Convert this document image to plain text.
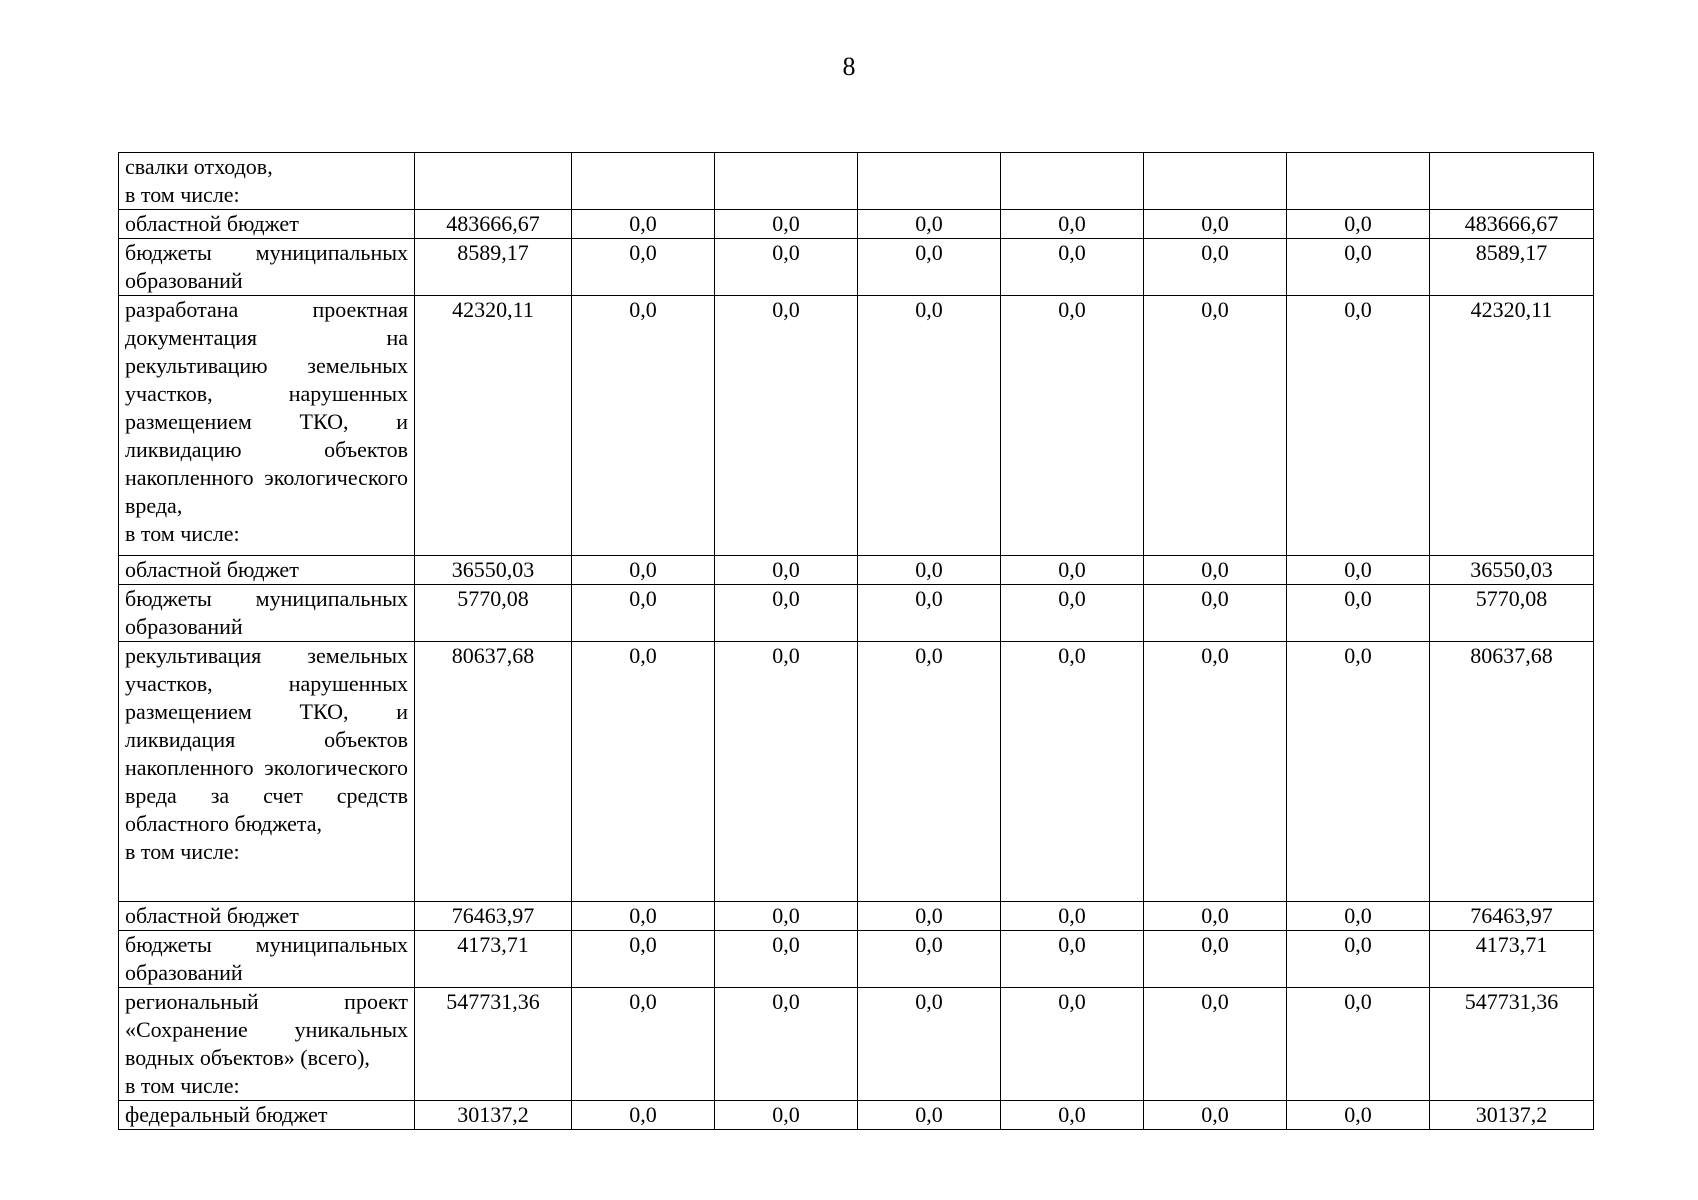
8
свалки отходов,
в том числе:								
областной бюджет	483666,67	0,0	0,0	0,0	0,0	0,0	0,0	483666,67
бюджеты муниципальных образований	8589,17	0,0	0,0	0,0	0,0	0,0	0,0	8589,17
разработана проектная документация на рекультивацию земельных участков, нарушенных размещением ТКО, и ликвидацию объектов накопленного экологического вреда,
в том числе:	42320,11	0,0	0,0	0,0	0,0	0,0	0,0	42320,11
областной бюджет	36550,03	0,0	0,0	0,0	0,0	0,0	0,0	36550,03
бюджеты муниципальных образований	5770,08	0,0	0,0	0,0	0,0	0,0	0,0	5770,08
рекультивация земельных участков, нарушенных размещением ТКО, и ликвидация объектов накопленного экологического вреда за счет средств областного бюджета,
в том числе:	80637,68	0,0	0,0	0,0	0,0	0,0	0,0	80637,68
областной бюджет	76463,97	0,0	0,0	0,0	0,0	0,0	0,0	76463,97
бюджеты муниципальных образований	4173,71	0,0	0,0	0,0	0,0	0,0	0,0	4173,71
региональный проект «Сохранение уникальных водных объектов» (всего),
в том числе:	547731,36	0,0	0,0	0,0	0,0	0,0	0,0	547731,36
федеральный бюджет	30137,2	0,0	0,0	0,0	0,0	0,0	0,0	30137,2
